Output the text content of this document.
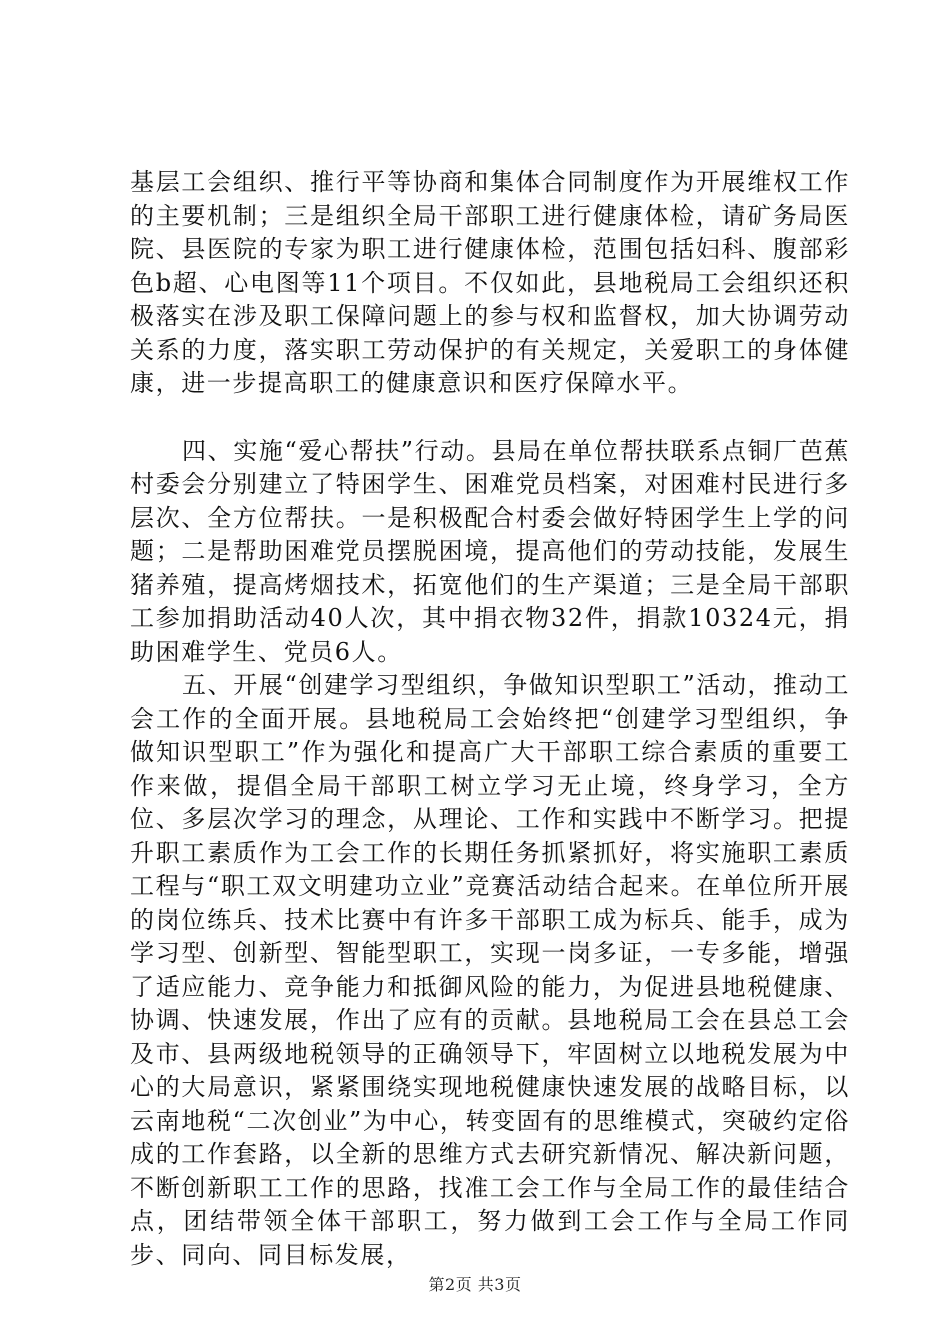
基层工会组织、推行平等协商和集体合同制度作为开展维权工作的主要机制；三是组织全局干部职工进行健康体检，请矿务局医院、县医院的专家为职工进行健康体检，范围包括妇科、腹部彩色b超、心电图等11个项目。不仅如此，县地税局工会组织还积极落实在涉及职工保障问题上的参与权和监督权，加大协调劳动关系的力度，落实职工劳动保护的有关规定，关爱职工的身体健康，进一步提高职工的健康意识和医疗保障水平。

四、实施“爱心帮扶”行动。县局在单位帮扶联系点铜厂芭蕉村委会分别建立了特困学生、困难党员档案，对困难村民进行多层次、全方位帮扶。一是积极配合村委会做好特困学生上学的问题；二是帮助困难党员摆脱困境，提高他们的劳动技能，发展生猪养殖，提高烤烟技术，拓宽他们的生产渠道；三是全局干部职工参加捐助活动40人次，其中捐衣物32件，捐款10324元，捐助困难学生、党员6人。

五、开展“创建学习型组织，争做知识型职工”活动，推动工会工作的全面开展。县地税局工会始终把“创建学习型组织，争做知识型职工”作为强化和提高广大干部职工综合素质的重要工作来做，提倡全局干部职工树立学习无止境，终身学习，全方位、多层次学习的理念，从理论、工作和实践中不断学习。把提升职工素质作为工会工作的长期任务抓紧抓好，将实施职工素质工程与“职工双文明建功立业”竞赛活动结合起来。在单位所开展的岗位练兵、技术比赛中有许多干部职工成为标兵、能手，成为学习型、创新型、智能型职工，实现一岗多证，一专多能，增强了适应能力、竞争能力和抵御风险的能力，为促进县地税健康、协调、快速发展，作出了应有的贡献。县地税局工会在县总工会及市、县两级地税领导的正确领导下，牢固树立以地税发展为中心的大局意识，紧紧围绕实现地税健康快速发展的战略目标，以云南地税“二次创业”为中心，转变固有的思维模式，突破约定俗成的工作套路，以全新的思维方式去研究新情况、解决新问题，不断创新职工工作的思路，找准工会工作与全局工作的最佳结合点，团结带领全体干部职工，努力做到工会工作与全局工作同步、同向、同目标发展，

第2页 共3页
